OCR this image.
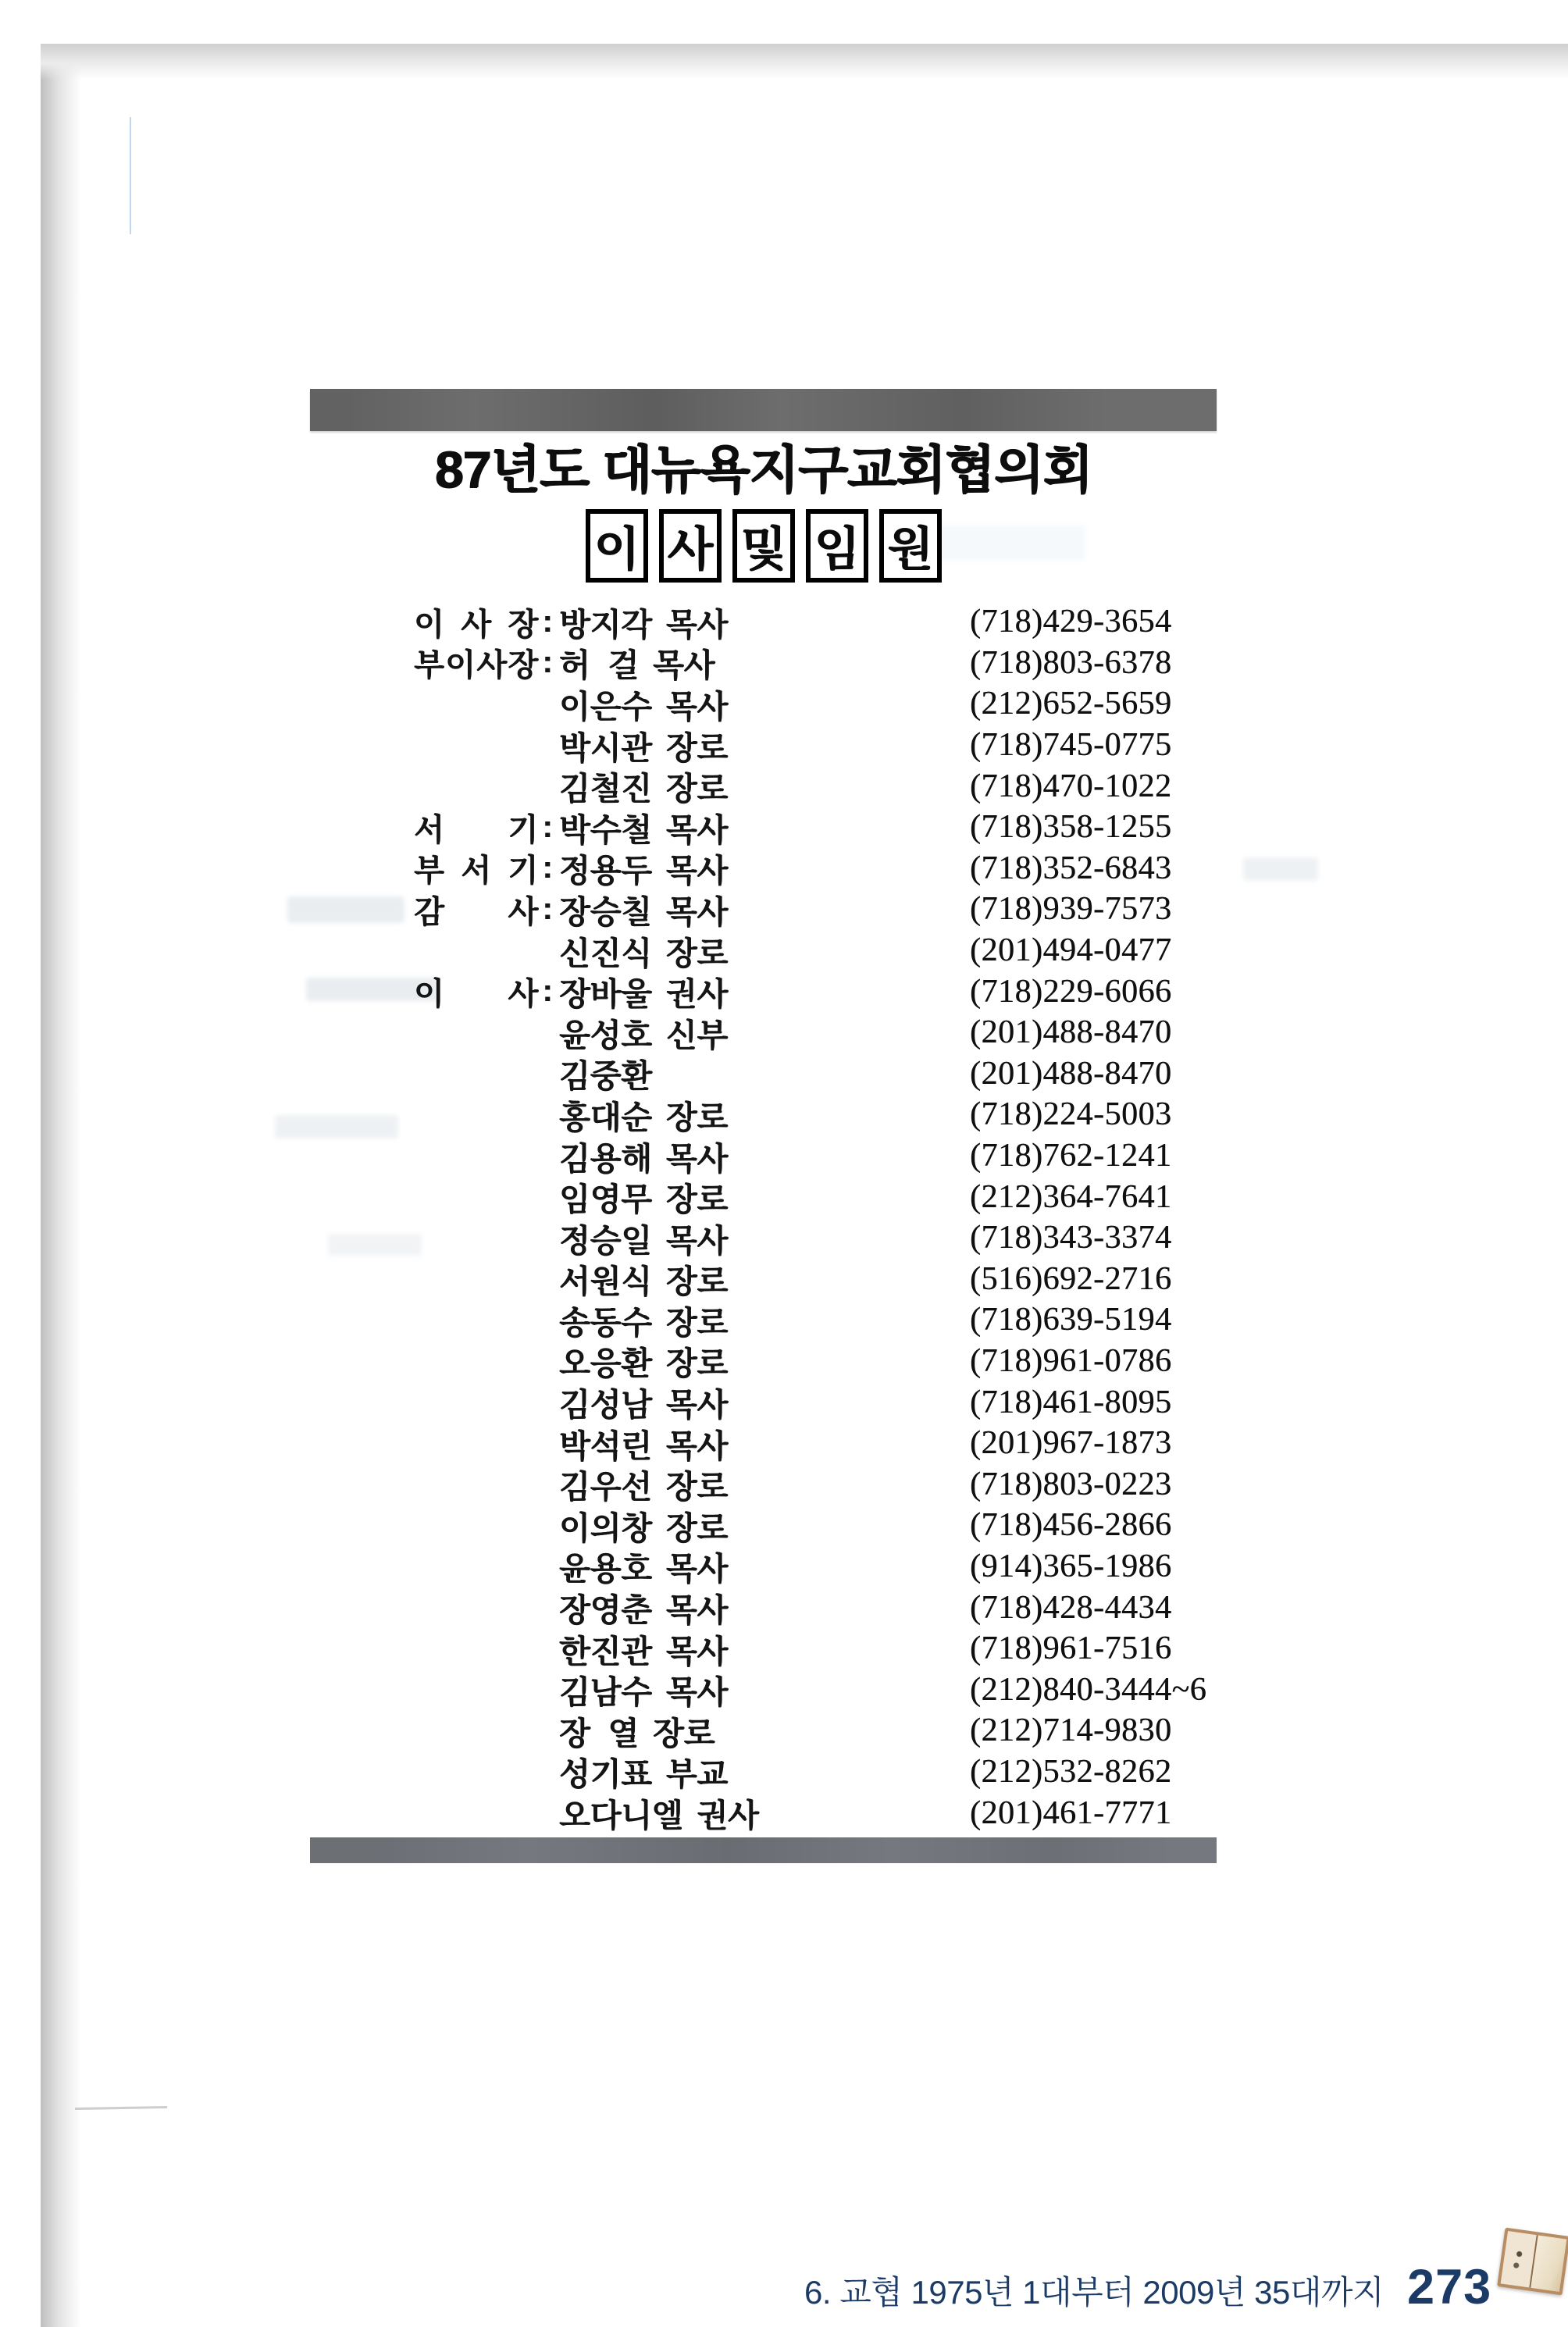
87년도 대뉴욕지구교회협의회
이 사 및 임 원
이 사 장 : 방지각 목사	(718)429-3654
부 이 사 장 : 허  걸 목사	(718)803-6378
이은수 목사	(212)652-5659
박시관 장로	(718)745-0775
김철진 장로	(718)470-1022
서 기 : 박수철 목사	(718)358-1255
부 서 기 : 정용두 목사	(718)352-6843
감 사 : 장승칠 목사	(718)939-7573
신진식 장로	(201)494-0477
이 사 : 장바울 권사	(718)229-6066
윤성호 신부	(201)488-8470
김중환	(201)488-8470
홍대순 장로	(718)224-5003
김용해 목사	(718)762-1241
임영무 장로	(212)364-7641
정승일 목사	(718)343-3374
서원식 장로	(516)692-2716
송동수 장로	(718)639-5194
오응환 장로	(718)961-0786
김성남 목사	(718)461-8095
박석린 목사	(201)967-1873
김우선 장로	(718)803-0223
이의창 장로	(718)456-2866
윤용호 목사	(914)365-1986
장영춘 목사	(718)428-4434
한진관 목사	(718)961-7516
김남수 목사	(212)840-3444~6
장  열 장로	(212)714-9830
성기표 부교	(212)532-8262
오다니엘 권사	(201)461-7771
6. 교협 1975년 1대부터 2009년 35대까지 273
